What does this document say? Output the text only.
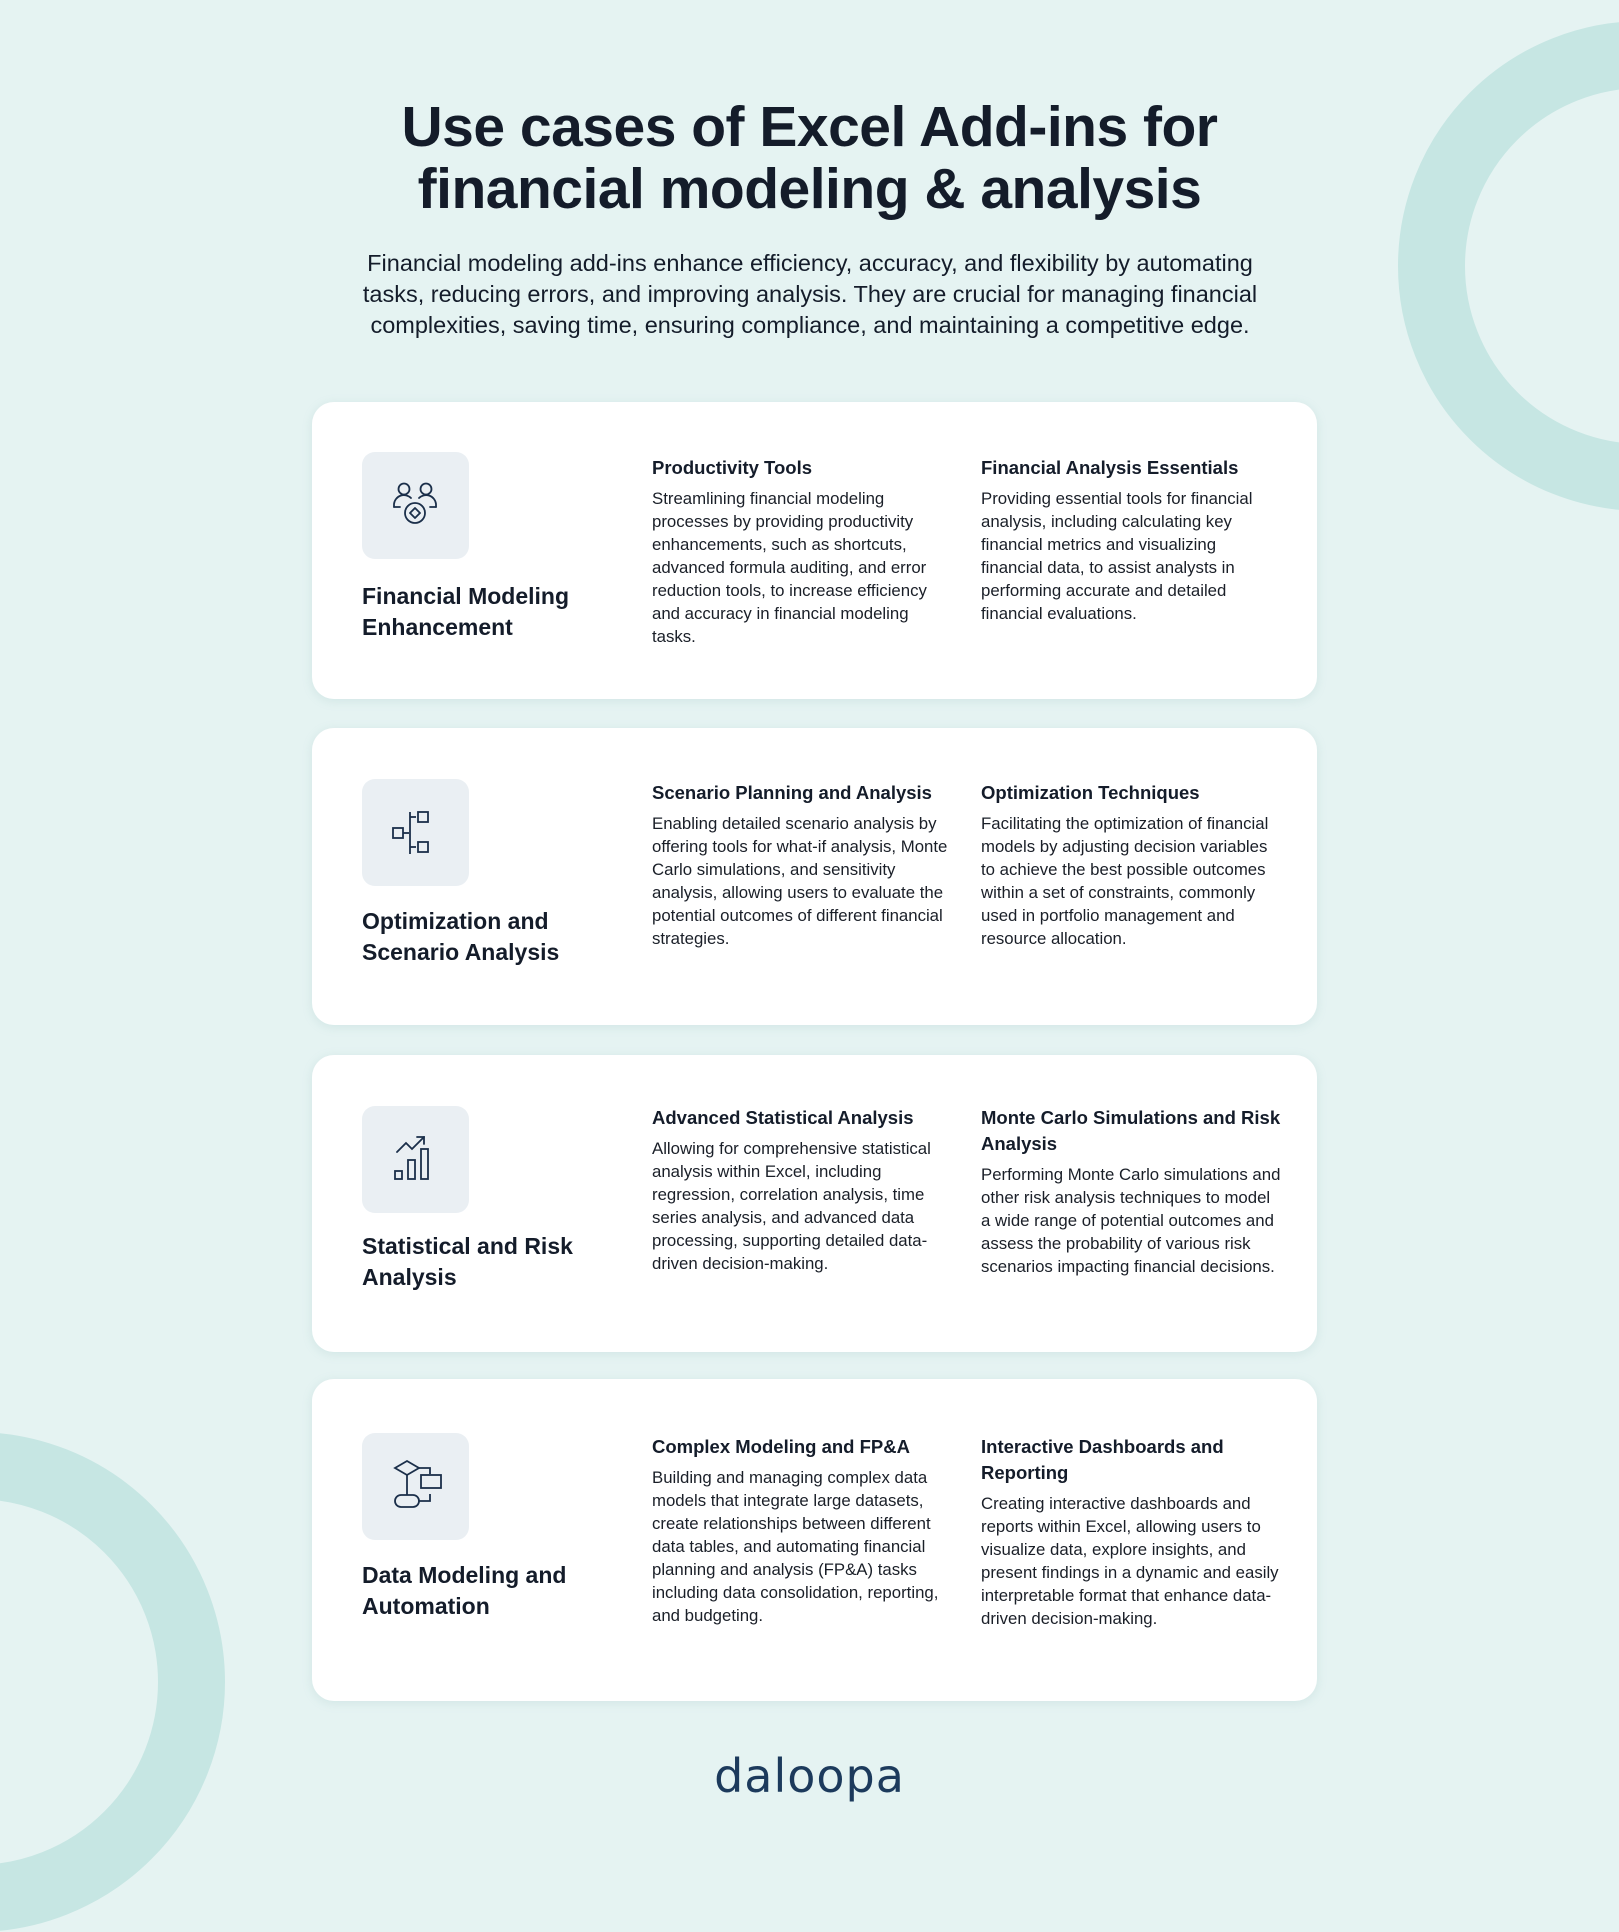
Use cases of Excel Add-ins for
financial modeling & analysis

Financial modeling add-ins enhance efficiency, accuracy, and flexibility by automating tasks, reducing errors, and improving analysis. They are crucial for managing financial complexities, saving time, ensuring compliance, and maintaining a competitive edge.

Financial Modeling Enhancement
Productivity Tools

Streamlining financial modeling processes by providing productivity enhancements, such as shortcuts, advanced formula auditing, and error reduction tools, to increase efficiency and accuracy in financial modeling tasks.

Financial Analysis Essentials

Providing essential tools for financial analysis, including calculating key financial metrics and visualizing financial data, to assist analysts in performing accurate and detailed financial evaluations.

Optimization and Scenario Analysis
Scenario Planning and Analysis

Enabling detailed scenario analysis by offering tools for what-if analysis, Monte Carlo simulations, and sensitivity analysis, allowing users to evaluate the potential outcomes of different financial strategies.

Optimization Techniques

Facilitating the optimization of financial models by adjusting decision variables to achieve the best possible outcomes within a set of constraints, commonly used in portfolio management and resource allocation.

Statistical and Risk Analysis
Advanced Statistical Analysis

Allowing for comprehensive statistical analysis within Excel, including regression, correlation analysis, time series analysis, and advanced data processing, supporting detailed data-driven decision-making.

Monte Carlo Simulations and Risk Analysis

Performing Monte Carlo simulations and other risk analysis techniques to model a wide range of potential outcomes and assess the probability of various risk scenarios impacting financial decisions.

Data Modeling and Automation
Complex Modeling and FP&A

Building and managing complex data models that integrate large datasets, create relationships between different data tables, and automating financial planning and analysis (FP&A) tasks including data consolidation, reporting, and budgeting.

Interactive Dashboards and Reporting

Creating interactive dashboards and reports within Excel, allowing users to visualize data, explore insights, and present findings in a dynamic and easily interpretable format that enhance data-driven decision-making.

daloopa
